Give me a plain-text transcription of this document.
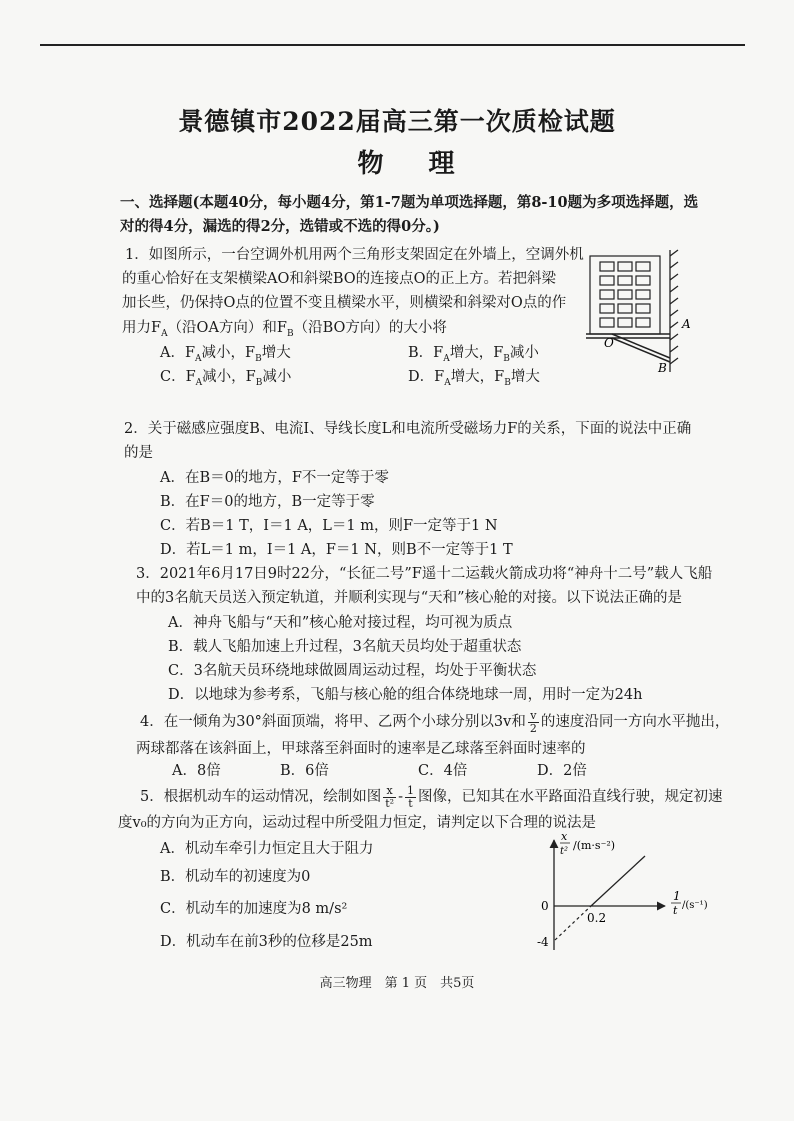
景德镇市2022届高三第一次质检试题
物 理
一、选择题(本题40分，每小题4分，第1-7题为单项选择题，第8-10题为多项选择题，选
对的得4分，漏选的得2分，选错或不选的得0分。)
1．如图所示，一台空调外机用两个三角形支架固定在外墙上，空调外机
的重心恰好在支架横梁AO和斜梁BO的连接点O的正上方。若把斜梁
加长些，仍保持O点的位置不变且横梁水平，则横梁和斜梁对O点的作
用力$F_A$（沿OA方向）和$F_B$（沿BO方向）的大小将
A．$F_A$减小，$F_B$增大	B．$F_A$增大，$F_B$减小
C．$F_A$减小，$F_B$减小	D．$F_A$增大，$F_B$增大
O
A
B
2．关于磁感应强度B、电流I、导线长度L和电流所受磁场力F的关系，下面的说法中正确
的是
A．在B＝0的地方，F不一定等于零
B．在F＝0的地方，B一定等于零
C．若B＝1 T，I＝1 A，L＝1 m，则F一定等于1 N
D．若L＝1 m，I＝1 A，F＝1 N，则B不一定等于1 T
3．2021年6月17日9时22分，“长征二号”F遥十二运载火箭成功将“神舟十二号”载人飞船
中的3名航天员送入预定轨道，并顺利实现与“天和”核心舱的对接。以下说法正确的是
A．神舟飞船与“天和”核心舱对接过程，均可视为质点
B．载人飞船加速上升过程，3名航天员均处于超重状态
C．3名航天员环绕地球做圆周运动过程，均处于平衡状态
D．以地球为参考系，飞船与核心舱的组合体绕地球一周，用时一定为24h
4．在一倾角为30°斜面顶端，将甲、乙两个小球分别以3v和 $\frac{v}{2}$ 的速度沿同一方向水平抛出，
两球都落在该斜面上，甲球落至斜面时的速率是乙球落至斜面时速率的
A．8倍	B．6倍	C．4倍	D．2倍
5．根据机动车的运动情况，绘制如图 $\frac{x}{\text{t²}} - \frac{1}{t}$ 图像，已知其在水平路面沿直线行驶，规定初速
度v₀的方向为正方向，运动过程中所受阻力恒定，请判定以下合理的说法是
A．机动车牵引力恒定且大于阻力
B．机动车的初速度为0
C．机动车的加速度为8 m/s²
D．机动车在前3秒的位移是25m
x
t² /(m·s⁻²)
1
t /(s⁻¹)
0
0.2
-4
高三物理　第 1 页　共5页
